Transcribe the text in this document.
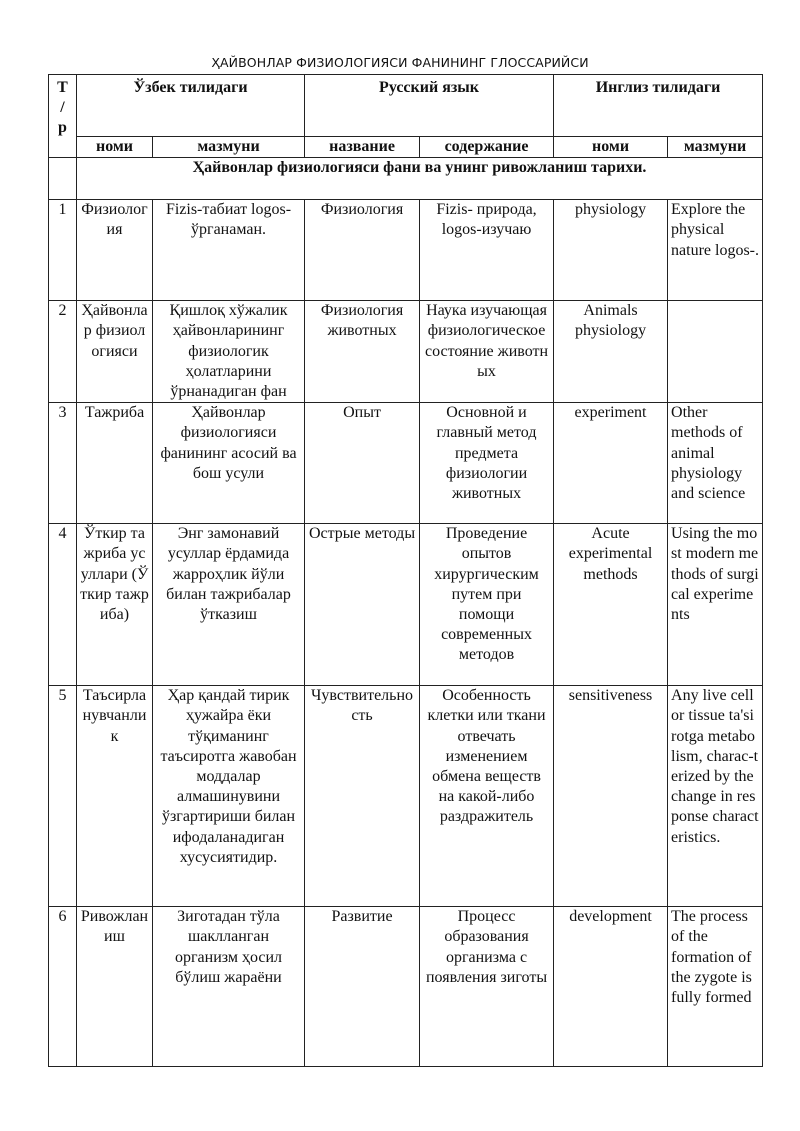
ҲАЙВОНЛАР ФИЗИОЛОГИЯСИ ФАНИНИНГ ГЛОССАРИЙСИ
Т
/
р	Ўзбек тилидаги		Русский язык		Инглиз тилидаги	
	номи	мазмуни	название	содержание	номи	мазмуни
	Ҳайвонлар физиологияси фани ва унинг ривожланиш тарихи.					
1	Физиология	Fizis-табиат logos-ўрганаман.	Физиология	Fizis- природа, logos-изучаю	physiology	Explore the physical nature logos-.
2	Ҳайвонлар физиологияси	Қишлоқ хўжалик ҳайвонларининг физиологик ҳолатларини ўрнанадиган фан	Физиология животных	Наука изучающая физиологическое состояние животных	Animals physiology	
3	Тажриба	Ҳайвонлар физиологияси фанининг асосий ва бош усули	Опыт	Основной и главный метод предмета физиологии животных	experiment	Other methods of animal physiology and science
4	Ўткир тажриба усуллари (Ўткир тажриба)	Энг замонавий усуллар ёрдамида жарроҳлик йўли билан тажрибалар ўтказиш	Острые методы	Проведение опытов хирургическим путем при помощи современных методов	Acute experimental methods	Using the most modern methods of surgical experiments
5	Таъсирланувчанлик	Ҳар қандай тирик ҳужайра ёки тўқиманинг таъсиротга жавобан моддалар алмашинувини ўзгартириши билан ифодаланадиган хусусиятидир.	Чувствительность	Особенность клетки или ткани отвечать изменением обмена веществ на какой-либо раздражитель	sensitiveness	Any live cell or tissue ta'sirotga metabolism, charac-terized by the change in response characteristics.
6	Ривожланиш	Зиготадан тўла шаклланган организм ҳосил бўлиш жараёни	Развитие	Процесс образования организма с появления зиготы	development	The process of the formation of the zygote is fully formed
